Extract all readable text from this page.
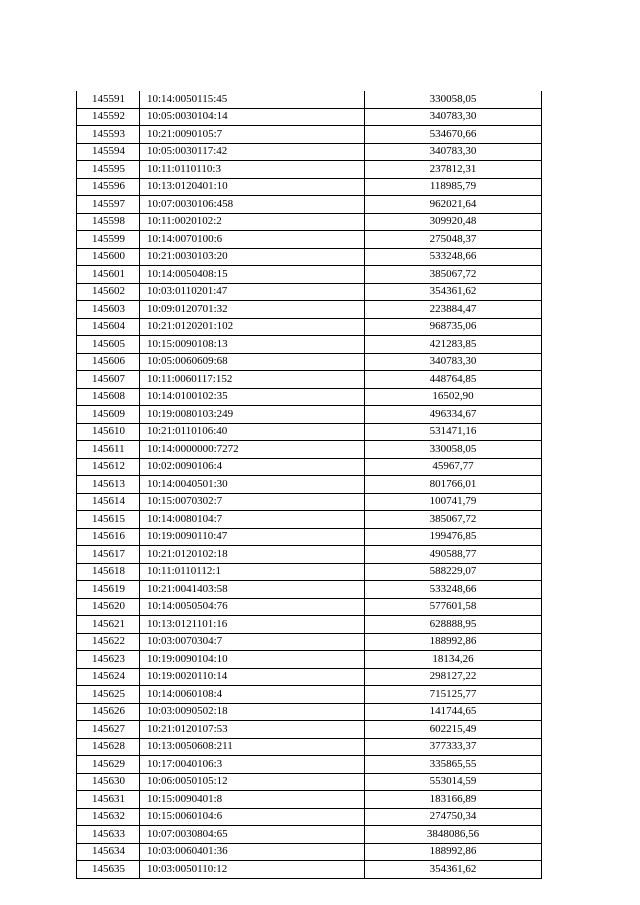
145591	10:14:0050115:45	330058,05
145592	10:05:0030104:14	340783,30
145593	10:21:0090105:7	534670,66
145594	10:05:0030117:42	340783,30
145595	10:11:0110110:3	237812,31
145596	10:13:0120401:10	118985,79
145597	10:07:0030106:458	962021,64
145598	10:11:0020102:2	309920,48
145599	10:14:0070100:6	275048,37
145600	10:21:0030103:20	533248,66
145601	10:14:0050408:15	385067,72
145602	10:03:0110201:47	354361,62
145603	10:09:0120701:32	223884,47
145604	10:21:0120201:102	968735,06
145605	10:15:0090108:13	421283,85
145606	10:05:0060609:68	340783,30
145607	10:11:0060117:152	448764,85
145608	10:14:0100102:35	16502,90
145609	10:19:0080103:249	496334,67
145610	10:21:0110106:40	531471,16
145611	10:14:0000000:7272	330058,05
145612	10:02:0090106:4	45967,77
145613	10:14:0040501:30	801766,01
145614	10:15:0070302:7	100741,79
145615	10:14:0080104:7	385067,72
145616	10:19:0090110:47	199476,85
145617	10:21:0120102:18	490588,77
145618	10:11:0110112:1	588229,07
145619	10:21:0041403:58	533248,66
145620	10:14:0050504:76	577601,58
145621	10:13:0121101:16	628888,95
145622	10:03:0070304:7	188992,86
145623	10:19:0090104:10	18134,26
145624	10:19:0020110:14	298127,22
145625	10:14:0060108:4	715125,77
145626	10:03:0090502:18	141744,65
145627	10:21:0120107:53	602215,49
145628	10:13:0050608:211	377333,37
145629	10:17:0040106:3	335865,55
145630	10:06:0050105:12	553014,59
145631	10:15:0090401:8	183166,89
145632	10:15:0060104:6	274750,34
145633	10:07:0030804:65	3848086,56
145634	10:03:0060401:36	188992,86
145635	10:03:0050110:12	354361,62
